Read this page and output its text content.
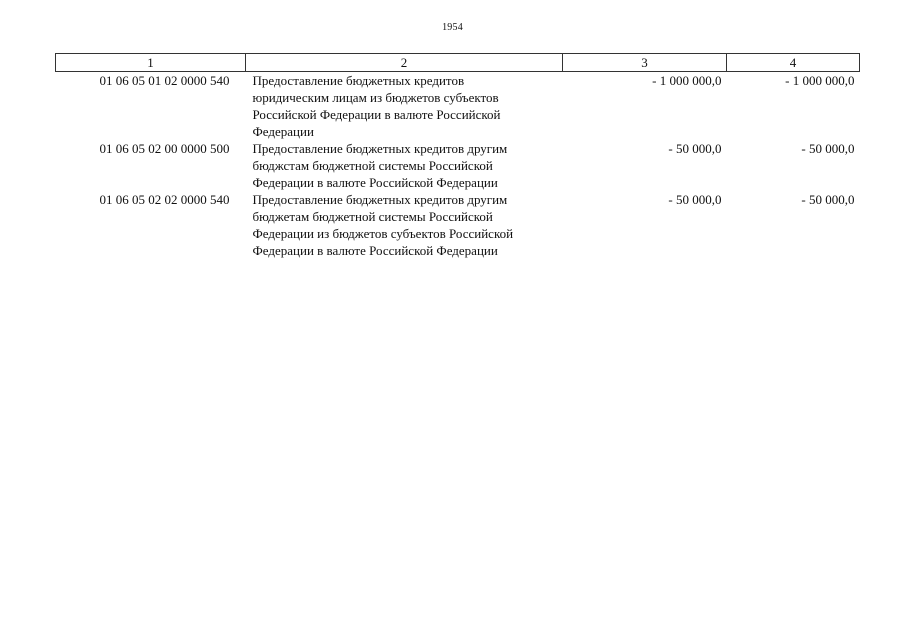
1954
1	2	3	4
01 06 05 01 02 0000 540	Предоставление бюджетных кредитов
юридическим лицам из бюджетов субъектов
Российской Федерации в валюте Российской
Федерации	- 1 000 000,0	- 1 000 000,0
01 06 05 02 00 0000 500	Предоставление бюджетных кредитов другим
бюджстам бюджетной системы Российской
Федерации в валюте Российской Федерации	- 50 000,0	- 50 000,0
01 06 05 02 02 0000 540	Предоставление бюджетных кредитов другим
бюджетам бюджетной системы Российской
Федерации из бюджетов субъектов Российской
Федерации в валюте Российской Федерации	- 50 000,0	- 50 000,0
